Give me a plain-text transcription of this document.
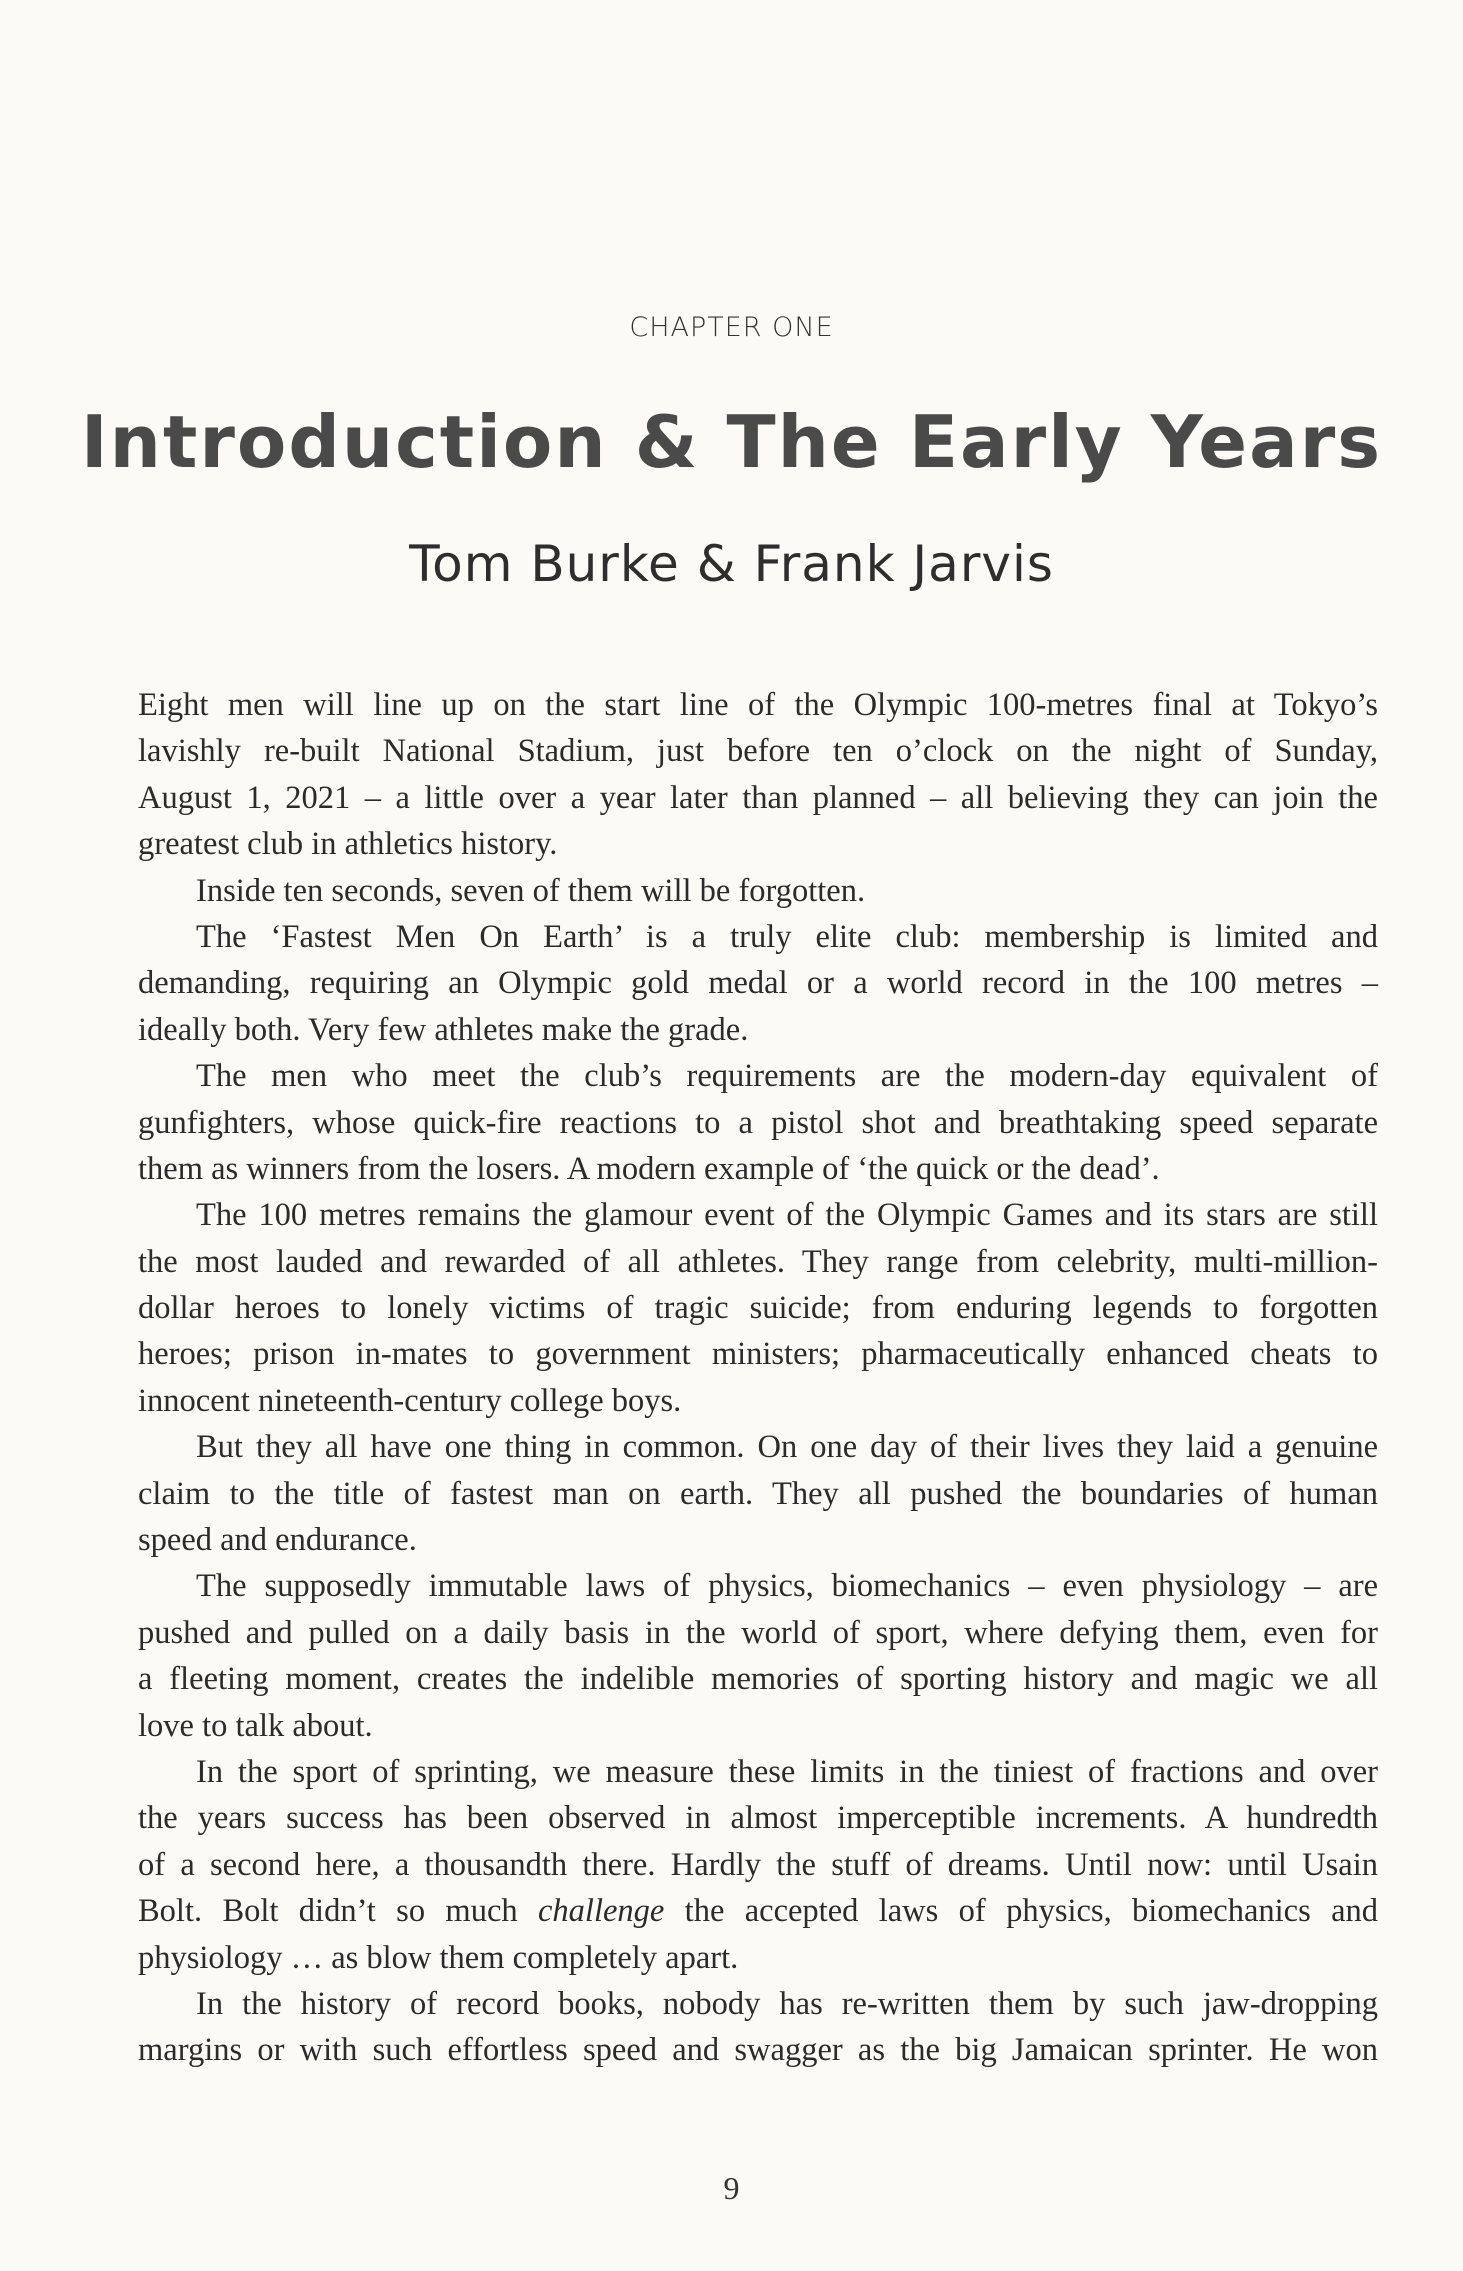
CHAPTER ONE
Introduction & The Early Years
Tom Burke & Frank Jarvis
Eight men will line up on the start line of the Olympic 100-metres final at Tokyo’s
lavishly re-built National Stadium, just before ten o’clock on the night of Sunday,
August 1, 2021 – a little over a year later than planned – all believing they can join the
greatest club in athletics history.
Inside ten seconds, seven of them will be forgotten.
The ‘Fastest Men On Earth’ is a truly elite club: membership is limited and
demanding, requiring an Olympic gold medal or a world record in the 100 metres –
ideally both. Very few athletes make the grade.
The men who meet the club’s requirements are the modern-day equivalent of
gunfighters, whose quick-fire reactions to a pistol shot and breathtaking speed separate
them as winners from the losers. A modern example of ‘the quick or the dead’.
The 100 metres remains the glamour event of the Olympic Games and its stars are still
the most lauded and rewarded of all athletes. They range from celebrity, multi-million-
dollar heroes to lonely victims of tragic suicide; from enduring legends to forgotten
heroes; prison in-mates to government ministers; pharmaceutically enhanced cheats to
innocent nineteenth-century college boys.
But they all have one thing in common. On one day of their lives they laid a genuine
claim to the title of fastest man on earth. They all pushed the boundaries of human
speed and endurance.
The supposedly immutable laws of physics, biomechanics – even physiology – are
pushed and pulled on a daily basis in the world of sport, where defying them, even for
a fleeting moment, creates the indelible memories of sporting history and magic we all
love to talk about.
In the sport of sprinting, we measure these limits in the tiniest of fractions and over
the years success has been observed in almost imperceptible increments. A hundredth
of a second here, a thousandth there. Hardly the stuff of dreams. Until now: until Usain
Bolt. Bolt didn’t so much challenge the accepted laws of physics, biomechanics and
physiology … as blow them completely apart.
In the history of record books, nobody has re-written them by such jaw-dropping
margins or with such effortless speed and swagger as the big Jamaican sprinter. He won
9
